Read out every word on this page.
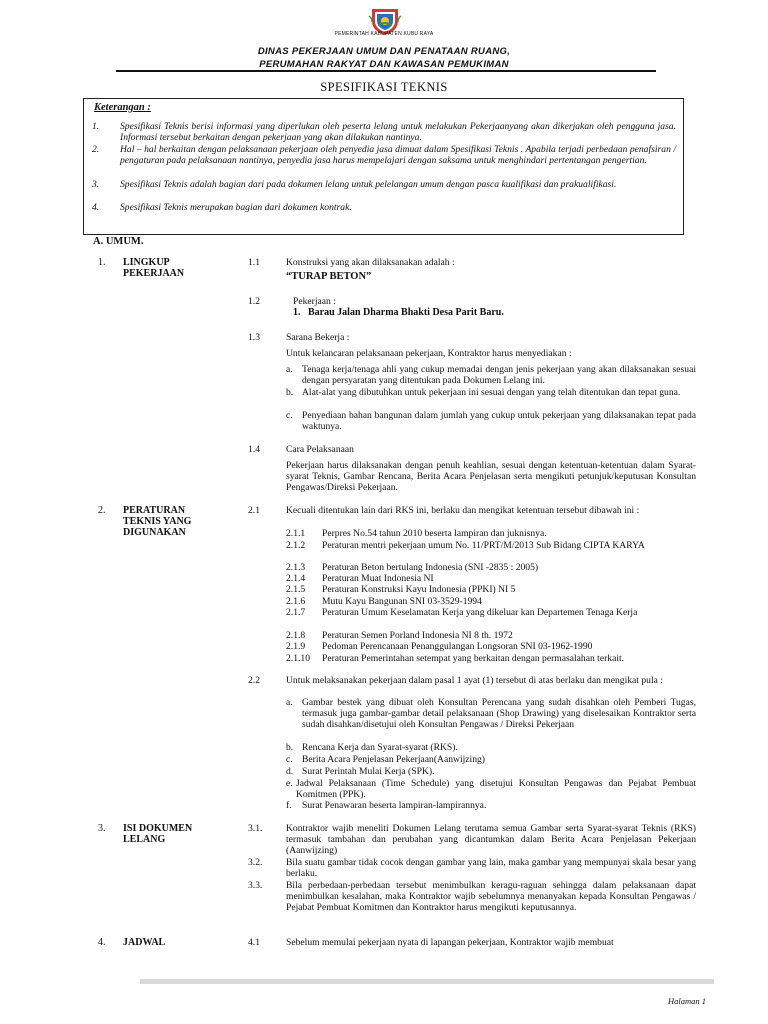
PEMERINTAH KABUPATEN KUBU RAYA
DINAS PEKERJAAN UMUM DAN PENATAAN RUANG,
PERUMAHAN RAKYAT DAN KAWASAN PEMUKIMAN
SPESIFIKASI TEKNIS
Keterangan :
1. Spesifikasi Teknis berisi informasi yang diperlukan oleh peserta lelang untuk melakukan Pekerjaanyang akan dikerjakan oleh pengguna jasa. Informasi tersebut berkaitan dengan pekerjaan yang akan dilakukan nantinya.
2. Hal – hal berkaitan dengan pelaksanaan pekerjaan oleh penyedia jasa dimuat dalam Spesifikasi Teknis . Apabila terjadi perbedaan penafsiran / pengaturan pada pelaksanaan nantinya, penyedia jasa harus mempelajari dengan saksama untuk menghindari pertentangan pengertian.
3. Spesifikasi Teknis adalah bagian dari pada dokumen lelang untuk pelelangan umum dengan pasca kualifikasi dan prakualifikasi.
4. Spesifikasi Teknis merupakan bagian dari dokumen kontrak.
A. UMUM.
1. LINGKUP
PEKERJAAN
1.1	Konstruksi yang akan dilaksanakan adalah :
“TURAP BETON”
1.2	Pekerjaan :
1. Barau Jalan Dharma Bhakti Desa Parit Baru.
1.3	Sarana Bekerja :
Untuk kelancaran pelaksanaan pekerjaan, Kontraktor harus menyediakan :
a. Tenaga kerja/tenaga ahli yang cukup memadai dengan jenis pekerjaan yang akan dilaksanakan sesuai dengan persyaratan yang ditentukan pada Dokumen Lelang ini.
b. Alat-alat yang dibutuhkan untuk pekerjaan ini sesuai dengan yang telah ditentukan dan tepat guna.
c. Penyediaan bahan bangunan dalam jumlah yang cukup untuk pekerjaan yang dilaksanakan tepat pada waktunya.
1.4	Cara Pelaksanaan
Pekerjaan harus dilaksanakan dengan penuh keahlian, sesuai dengan ketentuan-ketentuan dalam Syarat-syarat Teknis, Gambar Rencana, Berita Acara Penjelasan serta mengikuti petunjuk/keputusan Konsultan Pengawas/Direksi Pekerjaan.
2. PERATURAN
TEKNIS YANG
DIGUNAKAN
2.1	Kecuali ditentukan lain dari RKS ini, berlaku dan mengikat ketentuan tersebut dibawah ini :
2.1.1 Perpres No.54 tahun 2010 beserta lampiran dan juknisnya.
2.1.2 Peraturan mentri pekerjaan umum No. 11/PRT/M/2013 Sub Bidang CIPTA KARYA
2.1.3 Peraturan Beton bertulang Indonesia (SNI -2835 : 2005)
2.1.4 Peraturan Muat Indonesia NI
2.1.5 Peraturan Konstruksi Kayu Indonesia (PPKI) NI 5
2.1.6 Mutu Kayu Bangunan SNI 03-3529-1994
2.1.7 Peraturan Umum Keselamatan Kerja yang dikeluar kan Departemen Tenaga Kerja
2.1.8 Peraturan Semen Porland Indonesia NI 8 th. 1972
2.1.9 Pedoman Perencanaan Penanggulangan Longsoran SNI 03-1962-1990
2.1.10 Peraturan Pemerintahan setempat yang berkaitan dengan permasalahan terkait.
2.2	Untuk melaksanakan pekerjaan dalam pasal 1 ayat (1) tersebut di atas berlaku dan mengikat pula :
a. Gambar bestek yang dibuat oleh Konsultan Perencana yang sudah disahkan oleh Pemberi Tugas, termasuk juga gambar-gambar detail pelaksanaan (Shop Drawing) yang diselesaikan Kontraktor serta sudah disahkan/disetujui oleh Konsultan Pengawas / Direksi Pekerjaan
b. Rencana Kerja dan Syarat-syarat (RKS).
c. Berita Acara Penjelasan Pekerjaan(Aanwijzing)
d. Surat Perintah Mulai Kerja (SPK).
e. Jadwal Pelaksanaan (Time Schedule) yang disetujui Konsultan Pengawas dan Pejabat Pembuat Komitmen (PPK).
f. Surat Penawaran beserta lampiran-lampirannya.
3. ISI DOKUMEN
LELANG
3.1. Kontraktor wajib meneliti Dokumen Lelang terutama semua Gambar serta Syarat-syarat Teknis (RKS) termasuk tambahan dan perubahan yang dicantumkan dalam Berita Acara Penjelasan Pekerjaan (Aanwijzing)
3.2. Bila suatu gambar tidak cocok dengan gambar yang lain, maka gambar yang mempunyai skala besar yang berlaku.
3.3. Bila perbedaan-perbedaan tersebut menimbulkan keragu-raguan sehingga dalam pelaksanaan dapat menimbulkan kesalahan, maka Kontraktor wajib sebelumnya menanyakan kepada Konsultan Pengawas / Pejabat Pembuat Komitmen dan Kontraktor harus mengikuti keputusannya.
4. JADWAL	4.1	Sebelum memulai pekerjaan nyata di lapangan pekerjaan, Kontraktor wajib membuat
Halaman 1
